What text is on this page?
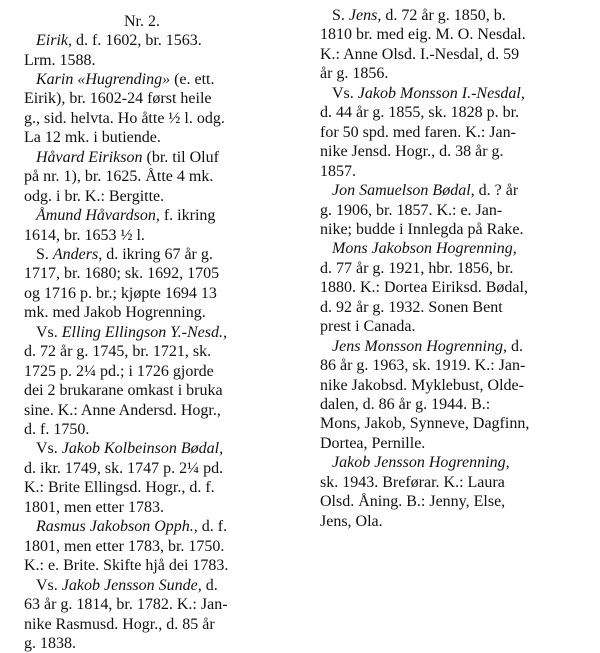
Nr. 2.
Eirik, d. f. 1602, br. 1563.
Lrm. 1588.
Karin «Hugrending» (e. ett.
Eirik), br. 1602-24 først heile
g., sid. helvta. Ho åtte ½ l. odg.
La 12 mk. i butiende.
Håvard Eirikson (br. til Oluf
på nr. 1), br. 1625. Åtte 4 mk.
odg. i br. K.: Bergitte.
Åmund Håvardson, f. ikring
1614, br. 1653 ½ l.
S. Anders, d. ikring 67 år g.
1717, br. 1680; sk. 1692, 1705
og 1716 p. br.; kjøpte 1694 13
mk. med Jakob Hogrenning.
Vs. Elling Ellingson Y.-Nesd.,
d. 72 år g. 1745, br. 1721, sk.
1725 p. 2¼ pd.; i 1726 gjorde
dei 2 brukarane omkast i bruka
sine. K.: Anne Andersd. Hogr.,
d. f. 1750.
Vs. Jakob Kolbeinson Bødal,
d. ikr. 1749, sk. 1747 p. 2¼ pd.
K.: Brite Ellingsd. Hogr., d. f.
1801, men etter 1783.
Rasmus Jakobson Opph., d. f.
1801, men etter 1783, br. 1750.
K.: e. Brite. Skifte hjå dei 1783.
Vs. Jakob Jensson Sunde, d.
63 år g. 1814, br. 1782. K.: Jan-
nike Rasmusd. Hogr., d. 85 år
g. 1838.
S. Jens, d. 72 år g. 1850, b.
1810 br. med eig. M. O. Nesdal.
K.: Anne Olsd. I.-Nesdal, d. 59
år g. 1856.
Vs. Jakob Monsson I.-Nesdal,
d. 44 år g. 1855, sk. 1828 p. br.
for 50 spd. med faren. K.: Jan-
nike Jensd. Hogr., d. 38 år g.
1857.
Jon Samuelson Bødal, d. ? år
g. 1906, br. 1857. K.: e. Jan-
nike; budde i Innlegda på Rake.
Mons Jakobson Hogrenning,
d. 77 år g. 1921, hbr. 1856, br.
1880. K.: Dortea Eiriksd. Bødal,
d. 92 år g. 1932. Sonen Bent
prest i Canada.
Jens Monsson Hogrenning, d.
86 år g. 1963, sk. 1919. K.: Jan-
nike Jakobsd. Myklebust, Olde-
dalen, d. 86 år g. 1944. B.:
Mons, Jakob, Synneve, Dagfinn,
Dortea, Pernille.
Jakob Jensson Hogrenning,
sk. 1943. Breførar. K.: Laura
Olsd. Åning. B.: Jenny, Else,
Jens, Ola.
